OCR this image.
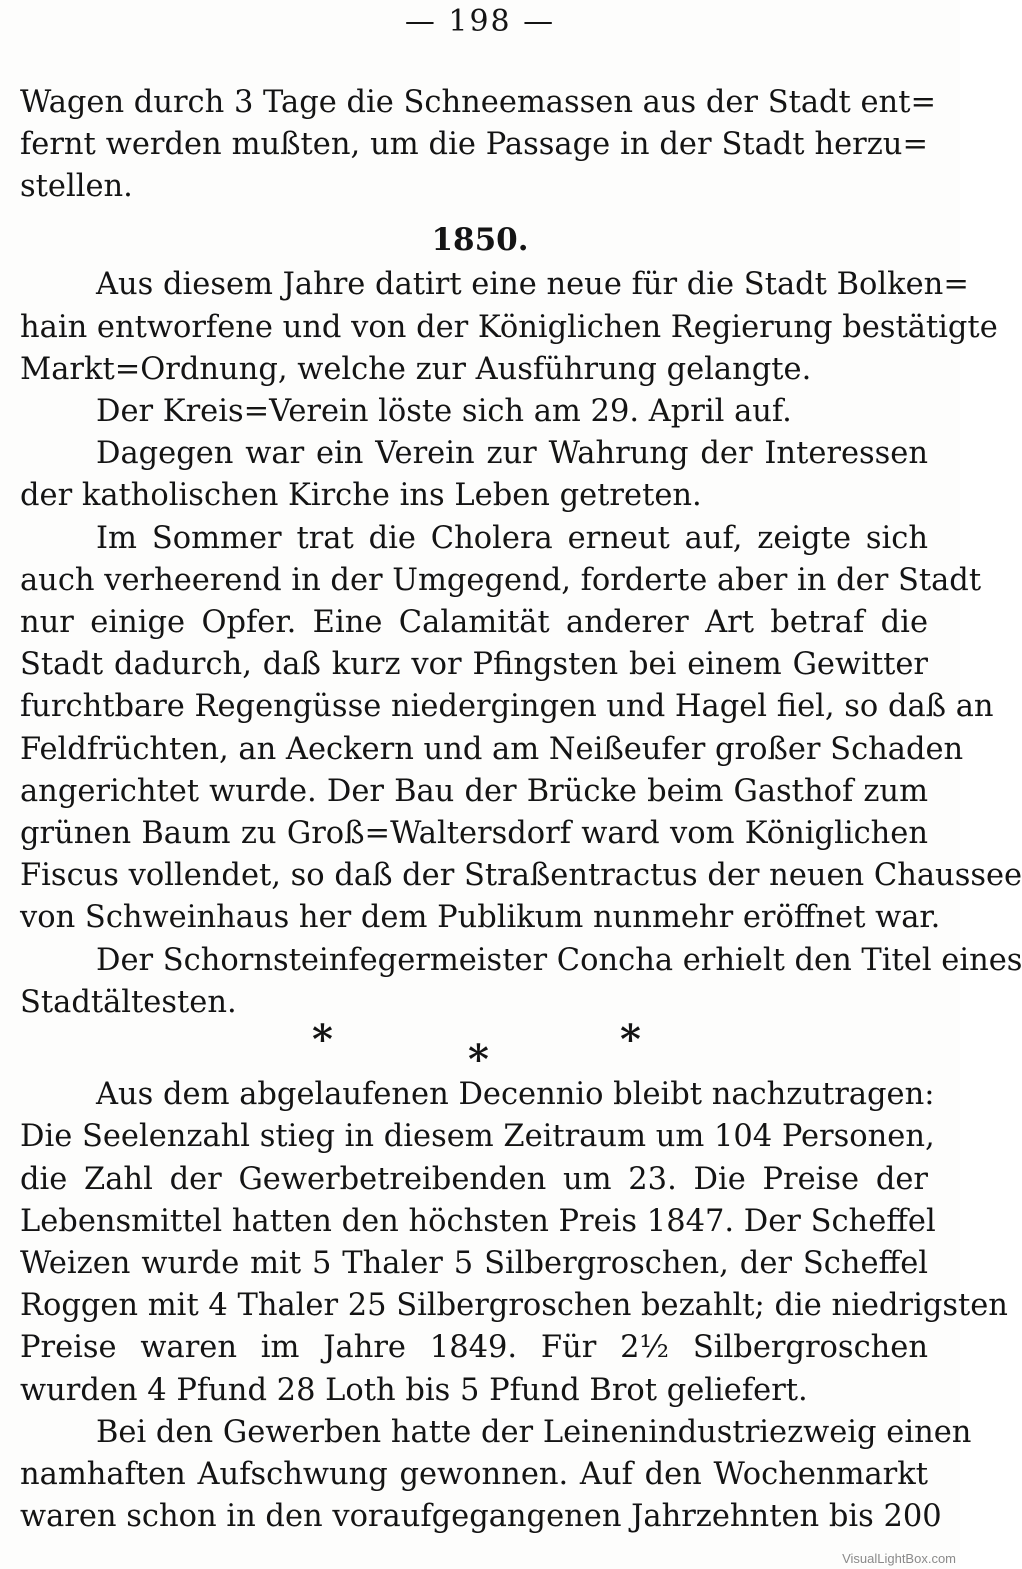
— 198 —
Wagen durch 3 Tage die Schneemassen aus der Stadt ent=
fernt werden mußten, um die Passage in der Stadt herzu=
stellen.
1850.
Aus diesem Jahre datirt eine neue für die Stadt Bolken=
hain entworfene und von der Königlichen Regierung bestätigte
Markt=Ordnung, welche zur Ausführung gelangte.
Der Kreis=Verein löste sich am 29. April auf.
Dagegen war ein Verein zur Wahrung der Interessen
der katholischen Kirche ins Leben getreten.
Im Sommer trat die Cholera erneut auf, zeigte sich
auch verheerend in der Umgegend, forderte aber in der Stadt
nur einige Opfer. Eine Calamität anderer Art betraf die
Stadt dadurch, daß kurz vor Pfingsten bei einem Gewitter
furchtbare Regengüsse niedergingen und Hagel fiel, so daß an
Feldfrüchten, an Aeckern und am Neißeufer großer Schaden
angerichtet wurde. Der Bau der Brücke beim Gasthof zum
grünen Baum zu Groß=Waltersdorf ward vom Königlichen
Fiscus vollendet, so daß der Straßentractus der neuen Chaussee
von Schweinhaus her dem Publikum nunmehr eröffnet war.
Der Schornsteinfegermeister Concha erhielt den Titel eines
Stadtältesten.
*	*	*
Aus dem abgelaufenen Decennio bleibt nachzutragen:
Die Seelenzahl stieg in diesem Zeitraum um 104 Personen,
die Zahl der Gewerbetreibenden um 23. Die Preise der
Lebensmittel hatten den höchsten Preis 1847. Der Scheffel
Weizen wurde mit 5 Thaler 5 Silbergroschen, der Scheffel
Roggen mit 4 Thaler 25 Silbergroschen bezahlt; die niedrigsten
Preise waren im Jahre 1849. Für 2½ Silbergroschen
wurden 4 Pfund 28 Loth bis 5 Pfund Brot geliefert.
Bei den Gewerben hatte der Leinenindustriezweig einen
namhaften Aufschwung gewonnen. Auf den Wochenmarkt
waren schon in den voraufgegangenen Jahrzehnten bis 200
VisualLightBox.com
